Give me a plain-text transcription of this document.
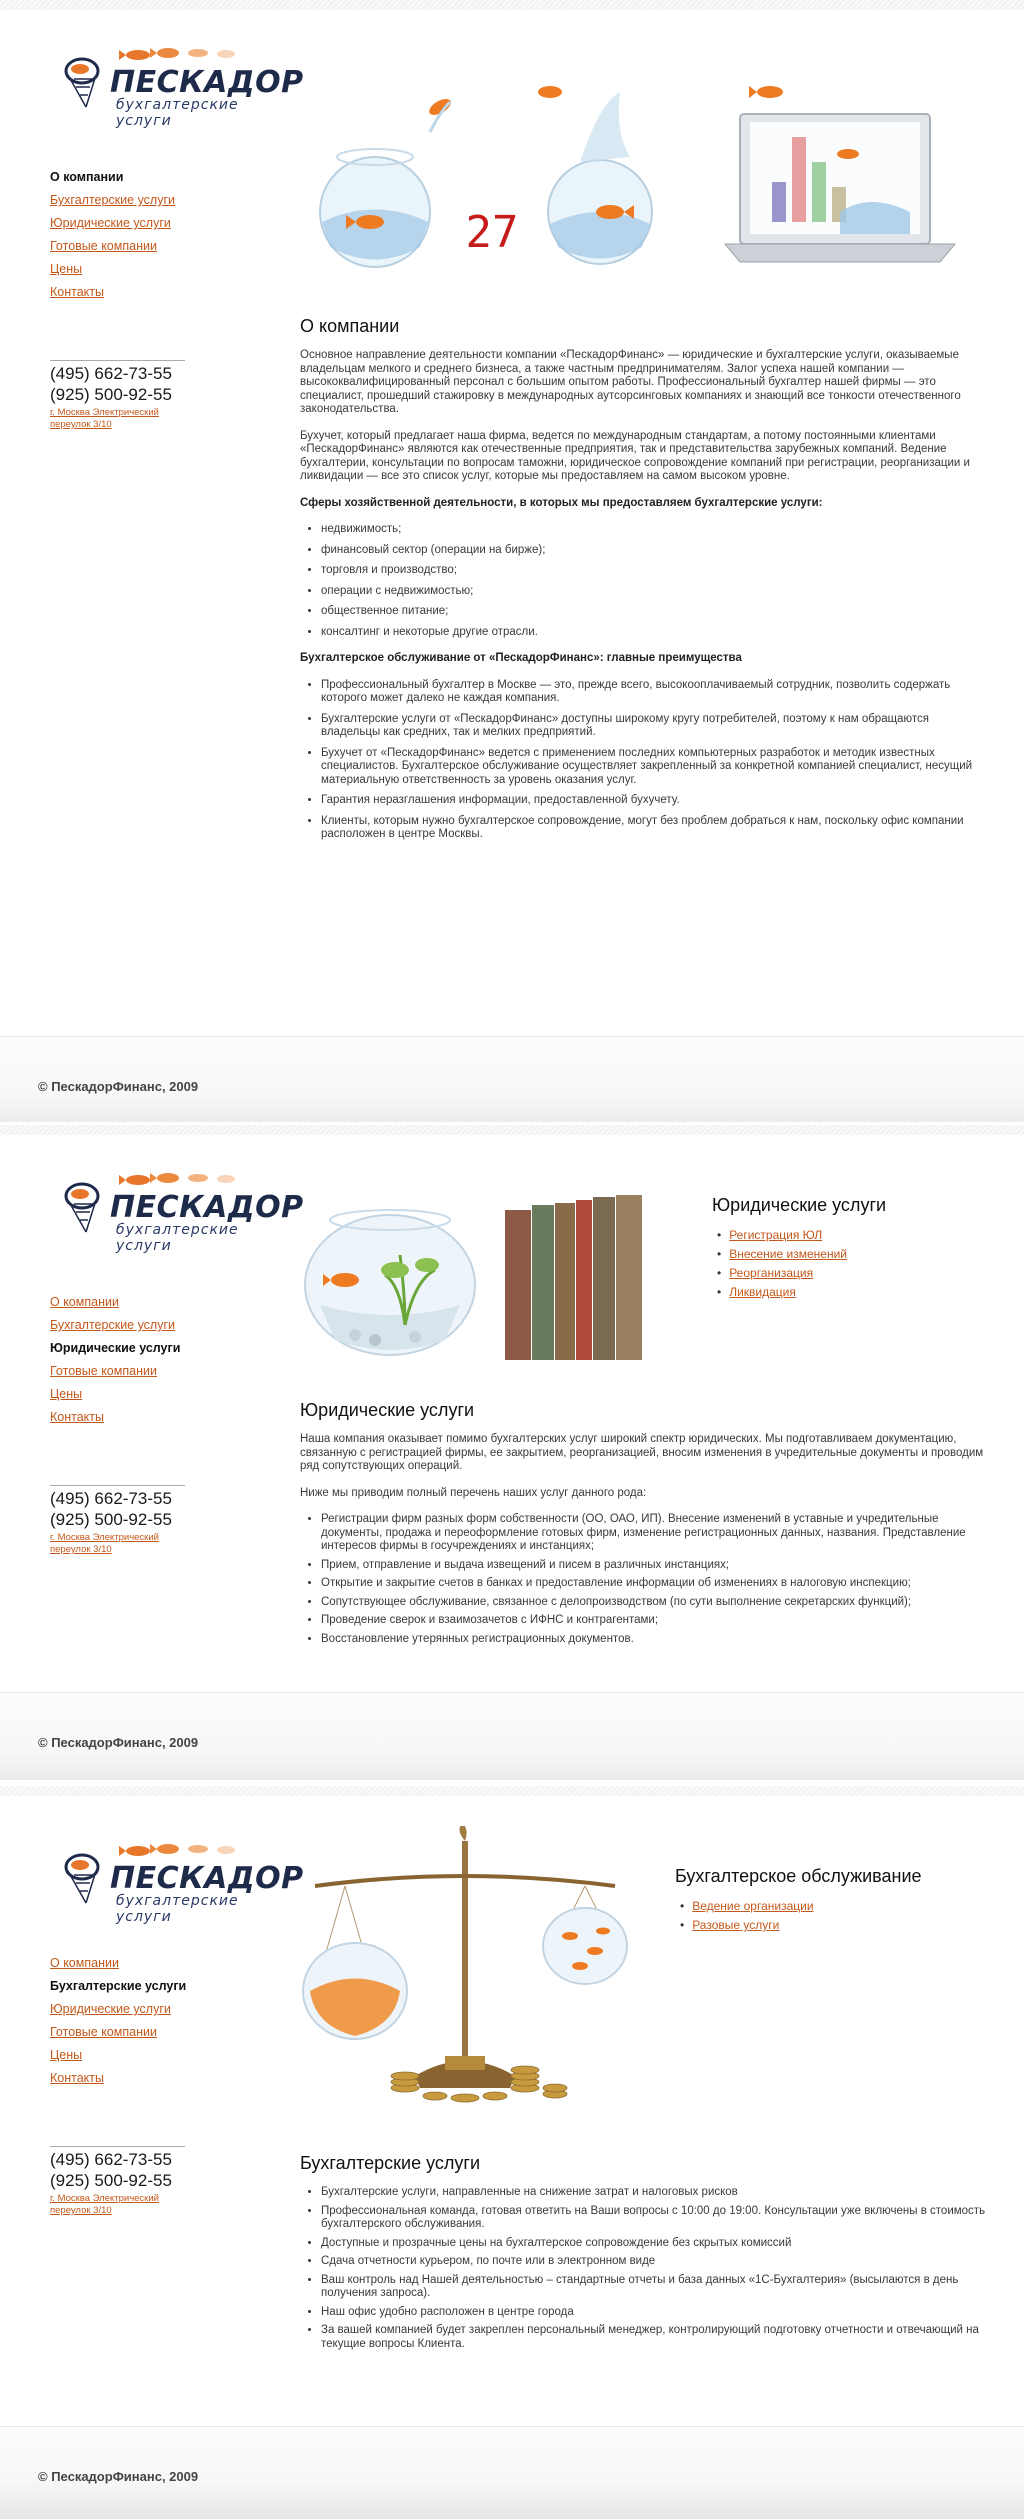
ПЕСКАДОР
бухгалтерские услуги
О компании
Бухгалтерские услуги
Юридические услуги
Готовые компании
Цены
Контакты
(495) 662-73-55
(925) 500-92-55
г. Москва Электрический
переулок 3/10
27
О компании

Основное направление деятельности компании «ПескадорФинанс» — юридические и бухгалтерские услуги, оказываемые владельцам мелкого и среднего бизнеса, а также частным предпринимателям. Залог успеха нашей компании — высококвалифицированный персонал с большим опытом работы. Профессиональный бухгалтер нашей фирмы — это специалист, прошедший стажировку в международных аутсорсинговых компаниях и знающий все тонкости отечественного законодательства.

Бухучет, который предлагает наша фирма, ведется по международным стандартам, а потому постоянными клиентами «ПескадорФинанс» являются как отечественные предприятия, так и представительства зарубежных компаний. Ведение бухгалтерии, консультации по вопросам таможни, юридическое сопровождение компаний при регистрации, реорганизации и ликвидации — все это список услуг, которые мы предоставляем на самом высоком уровне.

Сферы хозяйственной деятельности, в которых мы предоставляем бухгалтерские услуги:

• недвижимость;
• финансовый сектор (операции на бирже);
• торговля и производство;
• операции с недвижимостью;
• общественное питание;
• консалтинг и некоторые другие отрасли.

Бухгалтерское обслуживание от «ПескадорФинанс»: главные преимущества

• Профессиональный бухгалтер в Москве — это, прежде всего, высокооплачиваемый сотрудник, позволить содержать которого может далеко не каждая компания.
• Бухгалтерские услуги от «ПескадорФинанс» доступны широкому кругу потребителей, поэтому к нам обращаются владельцы как средних, так и мелких предприятий.
• Бухучет от «ПескадорФинанс» ведется с применением последних компьютерных разработок и методик известных специалистов. Бухгалтерское обслуживание осуществляет закрепленный за конкретной компанией специалист, несущий материальную ответственность за уровень оказания услуг.
• Гарантия неразглашения информации, предоставленной бухучету.
• Клиенты, которым нужно бухгалтерское сопровождение, могут без проблем добраться к нам, поскольку офис компании расположен в центре Москвы.
© ПескадорФинанс, 2009
ПЕСКАДОР
бухгалтерские услуги
О компании
Бухгалтерские услуги
Юридические услуги
Готовые компании
Цены
Контакты
(495) 662-73-55
(925) 500-92-55
г. Москва Электрический
переулок 3/10
Юридические услуги
• Регистрация ЮЛ
• Внесение изменений
• Реорганизация
• Ликвидация
Юридические услуги

Наша компания оказывает помимо бухгалтерских услуг широкий спектр юридических. Мы подготавливаем документацию, связанную с регистрацией фирмы, ее закрытием, реорганизацией, вносим изменения в учредительные документы и проводим ряд сопутствующих операций.

Ниже мы приводим полный перечень наших услуг данного рода:

• Регистрации фирм разных форм собственности (ОО, ОАО, ИП). Внесение изменений в уставные и учредительные документы, продажа и переоформление готовых фирм, изменение регистрационных данных, названия. Представление интересов фирмы в госучреждениях и инстанциях;
• Прием, отправление и выдача извещений и писем в различных инстанциях;
• Открытие и закрытие счетов в банках и предоставление информации об изменениях в налоговую инспекцию;
• Сопутствующее обслуживание, связанное с делопроизводством (по сути выполнение секретарских функций);
• Проведение сверок и взаимозачетов с ИФНС и контрагентами;
• Восстановление утерянных регистрационных документов.
© ПескадорФинанс, 2009
ПЕСКАДОР
бухгалтерские услуги
О компании
Бухгалтерские услуги
Юридические услуги
Готовые компании
Цены
Контакты
(495) 662-73-55
(925) 500-92-55
г. Москва Электрический
переулок 3/10
Бухгалтерское обслуживание
• Ведение организации
• Разовые услуги
Бухгалтерские услуги
• Бухгалтерские услуги, направленные на снижение затрат и налоговых рисков
• Профессиональная команда, готовая ответить на Ваши вопросы с 10:00 до 19:00. Консультации уже включены в стоимость бухгалтерского обслуживания.
• Доступные и прозрачные цены на бухгалтерское сопровождение без скрытых комиссий
• Сдача отчетности курьером, по почте или в электронном виде
• Ваш контроль над Нашей деятельностью – стандартные отчеты и база данных «1С-Бухгалтерия» (высылаются в день получения запроса).
• Наш офис удобно расположен в центре города
• За вашей компанией будет закреплен персональный менеджер, контролирующий подготовку отчетности и отвечающий на текущие вопросы Клиента.
© ПескадорФинанс, 2009
